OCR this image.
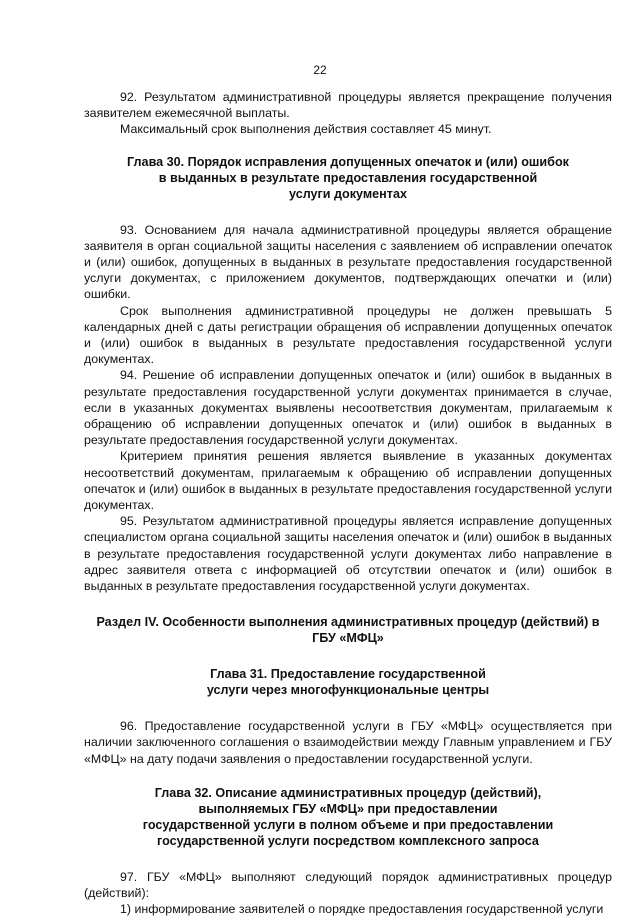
22

92. Результатом административной процедуры является прекращение получения заявителем ежемесячной выплаты.

Максимальный срок выполнения действия составляет 45 минут.

Глава 30. Порядок исправления допущенных опечаток и (или) ошибок
в выданных в результате предоставления государственной
услуги документах

93. Основанием для начала административной процедуры является обращение заявителя в орган социальной защиты населения с заявлением об исправлении опечаток и (или) ошибок, допущенных в выданных в результате предоставления государственной услуги документах, с приложением документов, подтверждающих опечатки и (или) ошибки.

Срок выполнения административной процедуры не должен превышать 5 календарных дней с даты регистрации обращения об исправлении допущенных опечаток и (или) ошибок в выданных в результате предоставления государственной услуги документах.

94. Решение об исправлении допущенных опечаток и (или) ошибок в выданных в результате предоставления государственной услуги документах принимается в случае, если в указанных документах выявлены несоответствия документам, прилагаемым к обращению об исправлении допущенных опечаток и (или) ошибок в выданных в результате предоставления государственной услуги документах.

Критерием принятия решения является выявление в указанных документах несоответствий документам, прилагаемым к обращению об исправлении допущенных опечаток и (или) ошибок в выданных в результате предоставления государственной услуги документах.

95. Результатом административной процедуры является исправление допущенных специалистом органа социальной защиты населения опечаток и (или) ошибок в выданных в результате предоставления государственной услуги документах либо направление в адрес заявителя ответа с информацией об отсутствии опечаток и (или) ошибок в выданных в результате предоставления государственной услуги документах.

Раздел IV. Особенности выполнения административных процедур (действий) в
ГБУ «МФЦ»
Глава 31. Предоставление государственной
услуги через многофункциональные центры

96. Предоставление государственной услуги в ГБУ «МФЦ» осуществляется при наличии заключенного соглашения о взаимодействии между Главным управлением и ГБУ «МФЦ» на дату подачи заявления о предоставлении государственной услуги.

Глава 32. Описание административных процедур (действий),
выполняемых ГБУ «МФЦ» при предоставлении
государственной услуги в полном объеме и при предоставлении
государственной услуги посредством комплексного запроса

97. ГБУ «МФЦ» выполняют следующий порядок административных процедур (действий):

1) информирование заявителей о порядке предоставления государственной услуги
